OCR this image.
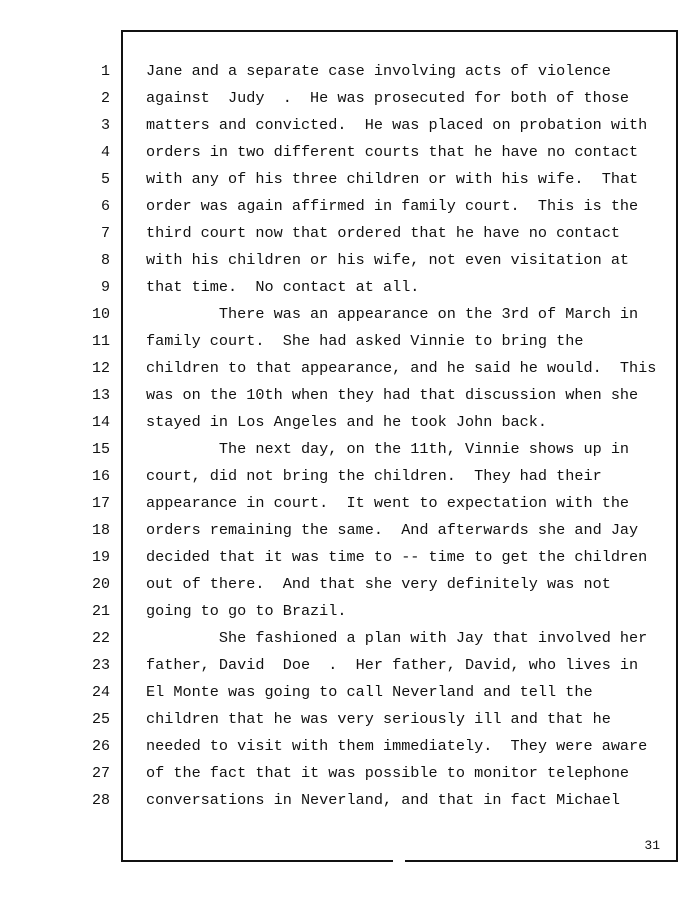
1
2
3
4
5
6
7
8
9
10
11
12
13
14
15
16
17
18
19
20
21
22
23
24
25
26
27
28
Jane and a separate case involving acts of violence
against  Judy  .  He was prosecuted for both of those
matters and convicted.  He was placed on probation with
orders in two different courts that he have no contact
with any of his three children or with his wife.  That
order was again affirmed in family court.  This is the
third court now that ordered that he have no contact
with his children or his wife, not even visitation at
that time.  No contact at all.
There was an appearance on the 3rd of March in
family court.  She had asked Vinnie to bring the
children to that appearance, and he said he would.  This
was on the 10th when they had that discussion when she
stayed in Los Angeles and he took John back.
The next day, on the 11th, Vinnie shows up in
court, did not bring the children.  They had their
appearance in court.  It went to expectation with the
orders remaining the same.  And afterwards she and Jay
decided that it was time to -- time to get the children
out of there.  And that she very definitely was not
going to go to Brazil.
She fashioned a plan with Jay that involved her
father, David  Doe  .  Her father, David, who lives in
El Monte was going to call Neverland and tell the
children that he was very seriously ill and that he
needed to visit with them immediately.  They were aware
of the fact that it was possible to monitor telephone
conversations in Neverland, and that in fact Michael
31
